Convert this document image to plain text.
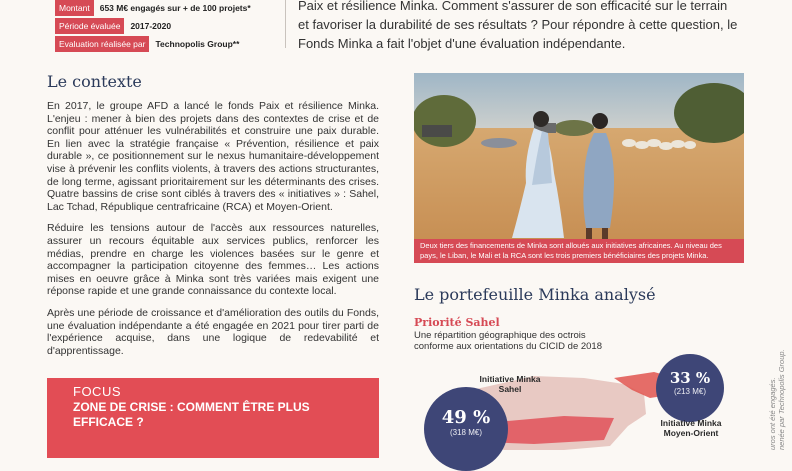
Montant	653 M€ engagés sur + de 100 projets*
Période évaluée	2017-2020
Evaluation réalisée par	Technopolis Group**
Paix et résilience Minka. Comment s'assurer de son efficacité sur le terrain et favoriser la durabilité de ses résultats ? Pour répondre à cette question, le Fonds Minka a fait l'objet d'une évaluation indépendante.
Le contexte

En 2017, le groupe AFD a lancé le fonds Paix et résilience Minka. L'enjeu : mener à bien des projets dans des contextes de crise et de conflit pour atténuer les vulnérabilités et construire une paix durable. En lien avec la stratégie française « Prévention, résilience et paix durable », ce positionnement sur le nexus humanitaire-développement vise à prévenir les conflits violents, à travers des actions structurantes, de long terme, agissant prioritairement sur les déterminants des crises. Quatre bassins de crise sont ciblés à travers des « initiatives » : Sahel, Lac Tchad, République centrafricaine (RCA) et Moyen-Orient.

Réduire les tensions autour de l'accès aux ressources naturelles, assurer un recours équitable aux services publics, renforcer les médias, prendre en charge les violences basées sur le genre et accompagner la participation citoyenne des femmes… Les actions mises en oeuvre grâce à Minka sont très variées mais exigent une réponse rapide et une grande connaissance du contexte local.

Après une période de croissance et d'amélioration des outils du Fonds, une évaluation indépendante a été engagée en 2021 pour tirer parti de l'expérience acquise, dans une logique de redevabilité et d'apprentissage.

FOCUS
ZONE DE CRISE : COMMENT ÊTRE PLUS EFFICACE ?
Deux tiers des financements de Minka sont alloués aux initiatives africaines. Au niveau des pays, le Liban, le Mali et la RCA sont les trois premiers bénéficiaires des projets Minka.
Le portefeuille Minka analysé
Priorité Sahel
Une répartition géographique des octrois conforme aux orientations du CICID de 2018
Initiative Minka
Sahel
49 %
(318 M€)
33 %
(213 M€)
Initiative Minka
Moyen-Orient	uros ont été engagés. nenée par Technopolis Group.
